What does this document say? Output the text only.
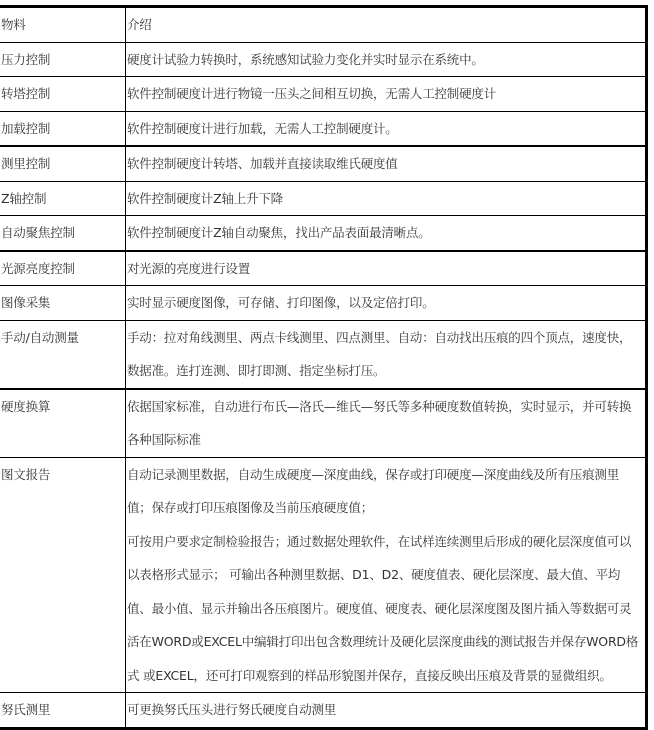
物料	介绍
压力控制	硬度计试验力转换时，系统感知试验力变化并实时显示在系统中。

转塔控制	软件控制硬度计进行物镜一压头之间相互切换，无需人工控制硬度计

加载控制	软件控制硬度计进行加载，无需人工控制硬度计。

测里控制	软件控制硬度计转塔、加载并直接读取维氏硬度值

Z轴控制	软件控制硬度计Z轴上升下降

自动聚焦控制	软件控制硬度计Z轴自动聚焦，找出产品表面最清晰点。

光源亮度控制	对光源的亮度进行设置

图像采集	实时显示硬度图像，可存储、打印图像，以及定倍打印。

手动/自动测量	手动：拉对角线测里、两点卡线测里、四点测里、自动：自动找出压痕的四个顶点，速度快，数据准。连打连测、即打即测、指定坐标打压。

硬度换算	依据国家标准，自动进行布氏—洛氏—维氏—努氏等多种硬度数值转换，实时显示，并可转换各种国际标准

图文报告	自动记录测里数据，自动生成硬度—深度曲线，保存或打印硬度—深度曲线及所有压痕测里值；保存或打印压痕图像及当前压痕硬度值；
可按用户要求定制检验报告；通过数据处理软件，在试样连续测里后形成的硬化层深度值可以以表格形式显示； 可输出各种测里数据、D1、D2、硬度值表、硬化层深度、最大值、平均值、最小值、显示并输出各压痕图片。硬度值、硬度表、硬化层深度图及图片插入等数据可灵活在WORD或EXCEL中编辑打印出包含数理统计及硬化层深度曲线的测试报告并保存WORD格式 或EXCEL，还可打印观察到的样品形貌图并保存，直接反映出压痕及背景的显微组织。

努氏测里	可更换努氏压头进行努氏硬度自动测里
